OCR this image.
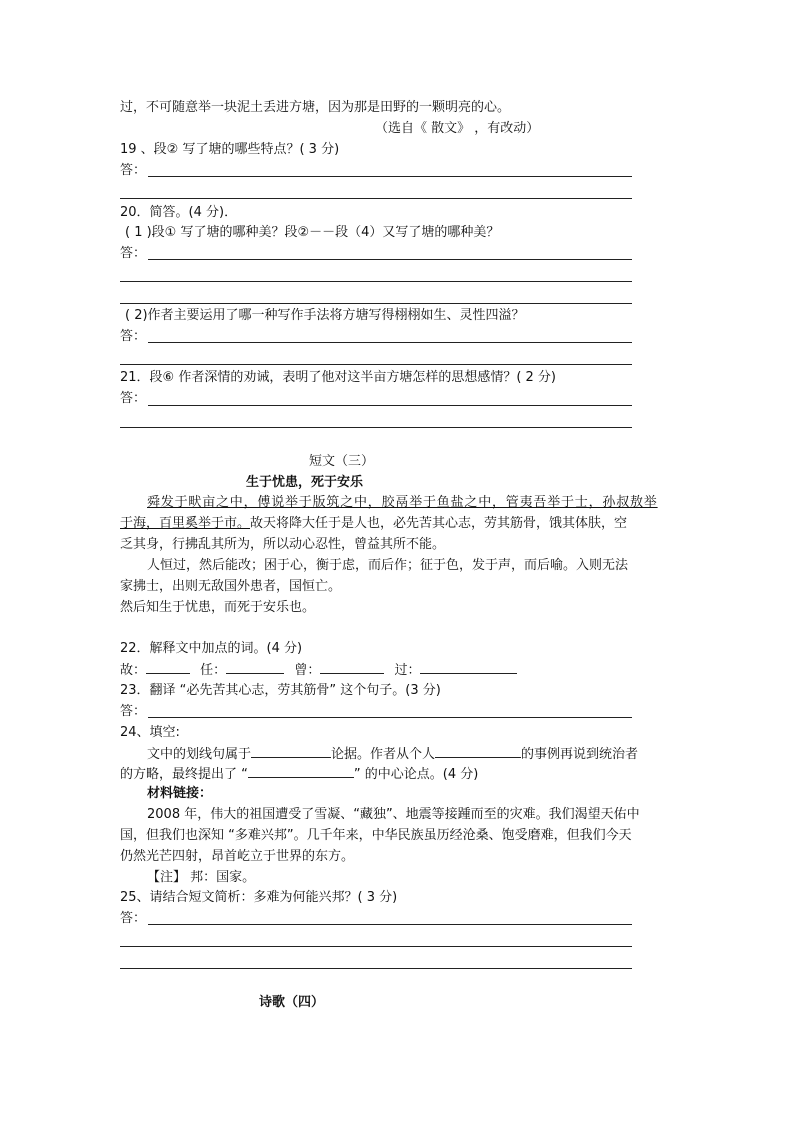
过，不可随意举一块泥土丢进方塘，因为那是田野的一颗明亮的心。
（选自《 散文》 ，有改动）
19 、段② 写了塘的哪些特点？( 3 分)
答：
20．简答。(4 分)．
( 1 )段① 写了塘的哪种美？段②－－段（4）又写了塘的哪种美？
答：
( 2)作者主要运用了哪一种写作手法将方塘写得栩栩如生、灵性四溢？
答：
21．段⑥ 作者深情的劝诫，表明了他对这半亩方塘怎样的思想感情？( 2 分)
答：
短文（三）
生于忧患，死于安乐
舜发于畎亩之中，傅说举于版筑之中，胶鬲举于鱼盐之中，管夷吾举于士，孙叔敖举
于海，百里奚举于市。故天将降大任于是人也，必先苦其心志，劳其筋骨，饿其体肤，空
乏其身，行拂乱其所为，所以动心忍性，曾益其所不能。
人恒过，然后能改；困于心，衡于虑，而后作；征于色，发于声，而后喻。入则无法
家拂士，出则无敌国外患者，国恒亡。
然后知生于忧患，而死于安乐也。
22．解释文中加点的词。(4 分)
故：	任：	曾：	过：
23．翻译 “必先苦其心志，劳其筋骨” 这个句子。(3 分)
答：
24、填空:
文中的划线句属于	论据。作者从个人	的事例再说到统治者
的方略，最终提出了 “	” 的中心论点。(4 分)
材料链接：
2008 年，伟大的祖国遭受了雪凝、“藏独”、地震等接踵而至的灾难。我们渴望天佑中
国，但我们也深知 “多难兴邦”。几千年来，中华民族虽历经沧桑、饱受磨难，但我们今天
仍然光芒四射，昂首屹立于世界的东方。
【注】 邦：国家。
25、请结合短文简析：多难为何能兴邦？( 3 分)
答：
诗歌（四）
